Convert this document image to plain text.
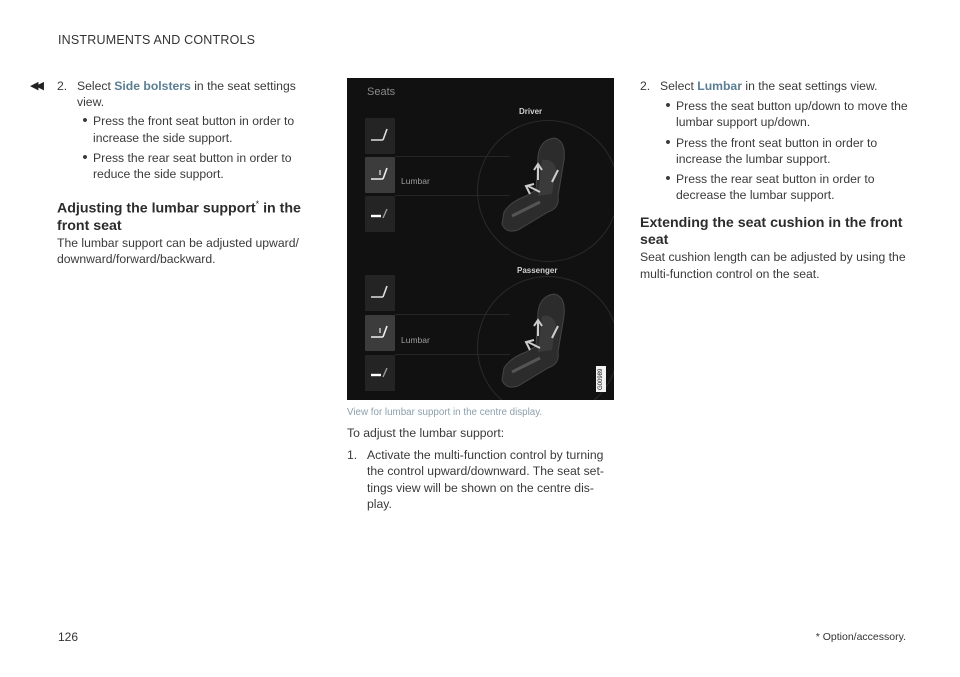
INSTRUMENTS AND CONTROLS
◀◀ 2. Select Side bolsters in the seat settings view.
• Press the front seat button in order to increase the side support.
• Press the rear seat button in order to reduce the side support.
Adjusting the lumbar support* in the front seat

The lumbar support can be adjusted upward/ downward/forward/backward.

Seats
Driver
Lumbar
Passenger
Lumbar
G00989
View for lumbar support in the centre display.

To adjust the lumbar support:

1. Activate the multi-function control by turning the control upward/downward. The seat set- tings view will be shown on the centre dis- play.
2. Select Lumbar in the seat settings view.
• Press the seat button up/down to move the lumbar support up/down.
• Press the front seat button in order to increase the lumbar support.
• Press the rear seat button in order to decrease the lumbar support.
Extending the seat cushion in the front seat

Seat cushion length can be adjusted by using the multi-function control on the seat.

126	* Option/accessory.
